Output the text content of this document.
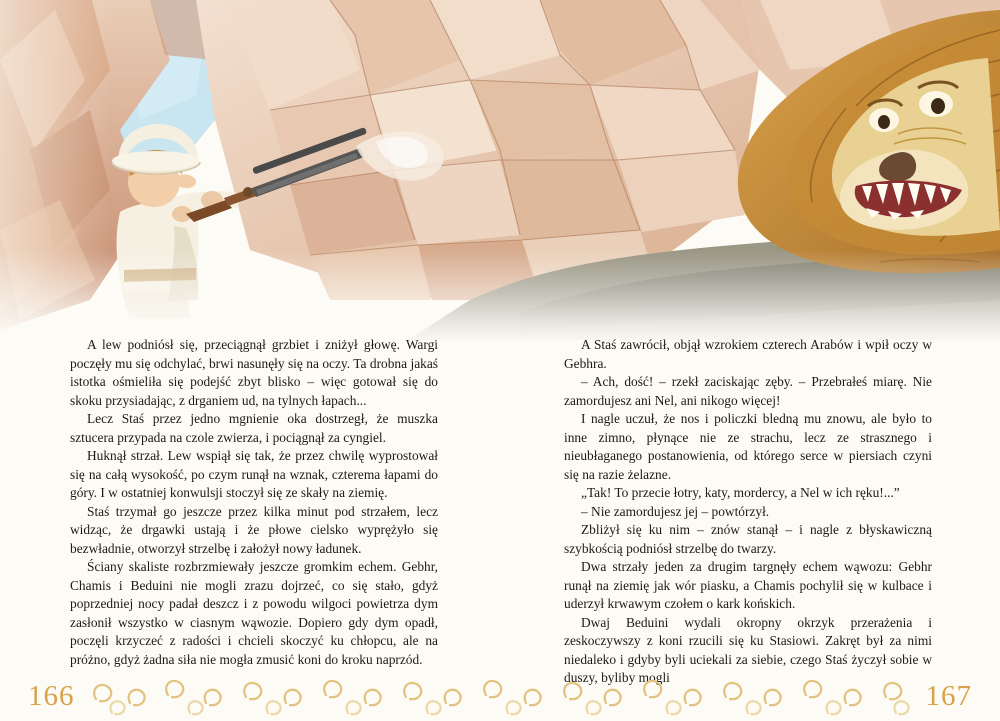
A lew podniósł się, przeciągnął grzbiet i zniżył głowę. Wargi poczęły mu się odchylać, brwi nasunęły się na oczy. Ta drobna jakaś istotka ośmieliła się podejść zbyt blisko – więc gotował się do skoku przysiadając, z drganiem ud, na tylnych łapach...

Lecz Staś przez jedno mgnienie oka dostrzegł, że muszka sztucera przypada na czole zwierza, i pociągnął za cyngiel.

Huknął strzał. Lew wspiął się tak, że przez chwilę wyprostował się na całą wysokość, po czym runął na wznak, czterema łapami do góry. I w ostatniej konwulsji stoczył się ze skały na ziemię.

Staś trzymał go jeszcze przez kilka minut pod strzałem, lecz widząc, że drgawki ustają i że płowe cielsko wyprężyło się bezwładnie, otworzył strzelbę i założył nowy ładunek.

Ściany skaliste rozbrzmiewały jeszcze gromkim echem. Gebhr, Chamis i Beduini nie mogli zrazu dojrzeć, co się stało, gdyż poprzedniej nocy padał deszcz i z powodu wilgoci powietrza dym zasłonił wszystko w ciasnym wąwozie. Dopiero gdy dym opadł, poczęli krzyczeć z radości i chcieli skoczyć ku chłopcu, ale na próżno, gdyż żadna siła nie mogła zmusić koni do kroku naprzód.

A Staś zawrócił, objął wzrokiem czterech Arabów i wpił oczy w Gebhra.

– Ach, dość! – rzekł zaciskając zęby. – Przebrałeś miarę. Nie zamordujesz ani Nel, ani nikogo więcej!

I nagle uczuł, że nos i policzki bledną mu znowu, ale było to inne zimno, płynące nie ze strachu, lecz ze strasznego i nieubłaganego postanowienia, od którego serce w piersiach czyni się na razie żelazne.

„Tak! To przecie łotry, katy, mordercy, a Nel w ich ręku!...”

– Nie zamordujesz jej – powtórzył.

Zbliżył się ku nim – znów stanął – i nagle z błyskawiczną szybkością podniósł strzelbę do twarzy.

Dwa strzały jeden za drugim targnęły echem wąwozu: Gebhr runął na ziemię jak wór piasku, a Chamis pochylił się w kulbace i uderzył krwawym czołem o kark końskich.

Dwaj Beduini wydali okropny okrzyk przerażenia i zeskoczywszy z koni rzucili się ku Stasiowi. Zakręt był za nimi niedaleko i gdyby byli uciekali za siebie, czego Staś życzył sobie w duszy, byliby mogli

166	167
